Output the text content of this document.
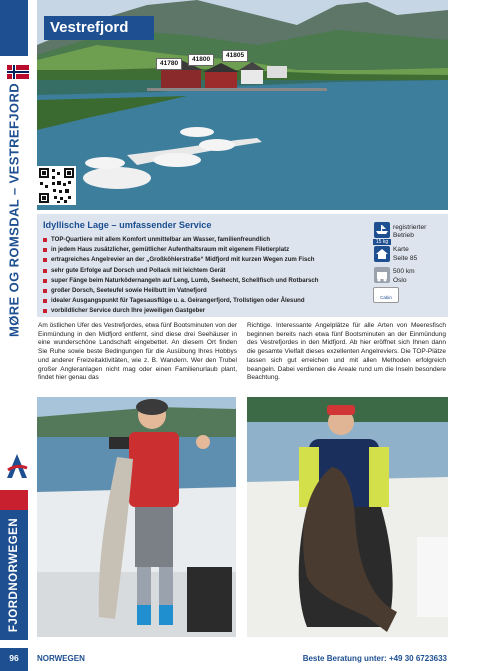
MØRE OG ROMSDAL – VESTREFJORD
FJORDNORWEGEN
Vestrefjord
41780
41800
41805
Idyllische Lage – umfassender Service
TOP-Quartiere mit allem Komfort unmittelbar am Wasser, familienfreundlich
in jedem Haus zusätzlicher, gemütlicher Aufenthaltsraum mit eigenem Filetierplatz
ertragreiches Angelrevier an der „Großköhlerstraße“ Midfjord mit kurzen Wegen zum Fisch
sehr gute Erfolge auf Dorsch und Pollack mit leichtem Gerät
super Fänge beim Naturködernangeln auf Leng, Lumb, Seehecht, Schellfisch und Rotbarsch
großer Dorsch, Seeteufel sowie Heilbutt im Vatnefjord
idealer Ausgangspunkt für Tagesausflüge u. a. Geirangerfjord, Trollstigen oder Ålesund
vorbildlicher Service durch Ihre jeweiligen Gastgeber
15 kg
registrierter Betrieb
Karte
Seite 85
500 km
Oslo
Cabin
Am östlichen Ufer des Vestrefjordes, etwa fünf Bootsminuten von der Einmündung in den Midfjord entfernt, sind diese drei Seehäuser in eine wunderschöne Landschaft eingebettet. An diesem Ort finden Sie Ruhe sowie beste Bedingungen für die Ausübung Ihres Hobbys und anderer Freizeitaktivitäten, wie z. B. Wandern. Wer den Trubel großer Angleranlagen nicht mag oder einen Familienurlaub plant, findet hier genau das
Richtige. Interessante Angelplätze für alle Arten von Meeresfisch beginnen bereits nach etwa fünf Bootsminuten an der Einmündung des Vestrefjordes in den Midfjord. Ab hier eröffnet sich Ihnen dann die gesamte Vielfalt dieses exzellenten Angelreviers. Die TOP-Plätze lassen sich gut erreichen und mit allen Methoden erfolgreich beangeln. Dabei verdienen die Areale rund um die Inseln besondere Beachtung.
96	NORWEGEN	Beste Beratung unter: +49 30 6723633
